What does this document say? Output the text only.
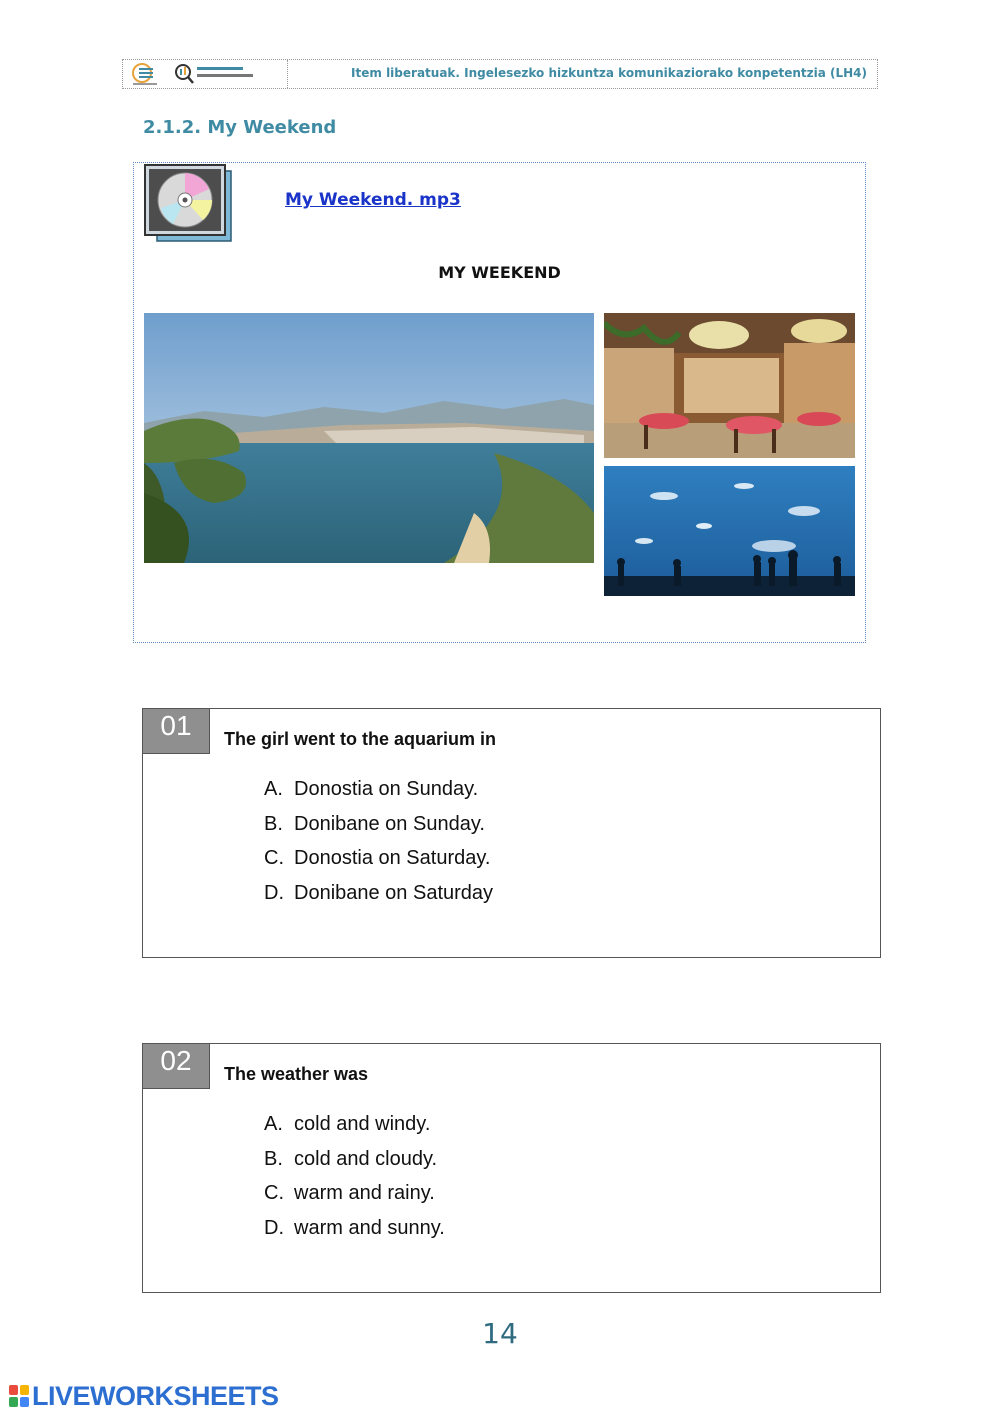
Item liberatuak. Ingelesezko hizkuntza komunikaziorako konpetentzia (LH4)
2.1.2. My Weekend
My Weekend. mp3
MY WEEKEND
01	The girl went to the aquarium in
A. Donostia on Sunday.
B. Donibane on Sunday.
C. Donostia on Saturday.
D. Donibane on Saturday
02	The weather was
A. cold and windy.
B. cold and cloudy.
C. warm and rainy.
D. warm and sunny.
14
LIVEWORKSHEETS
